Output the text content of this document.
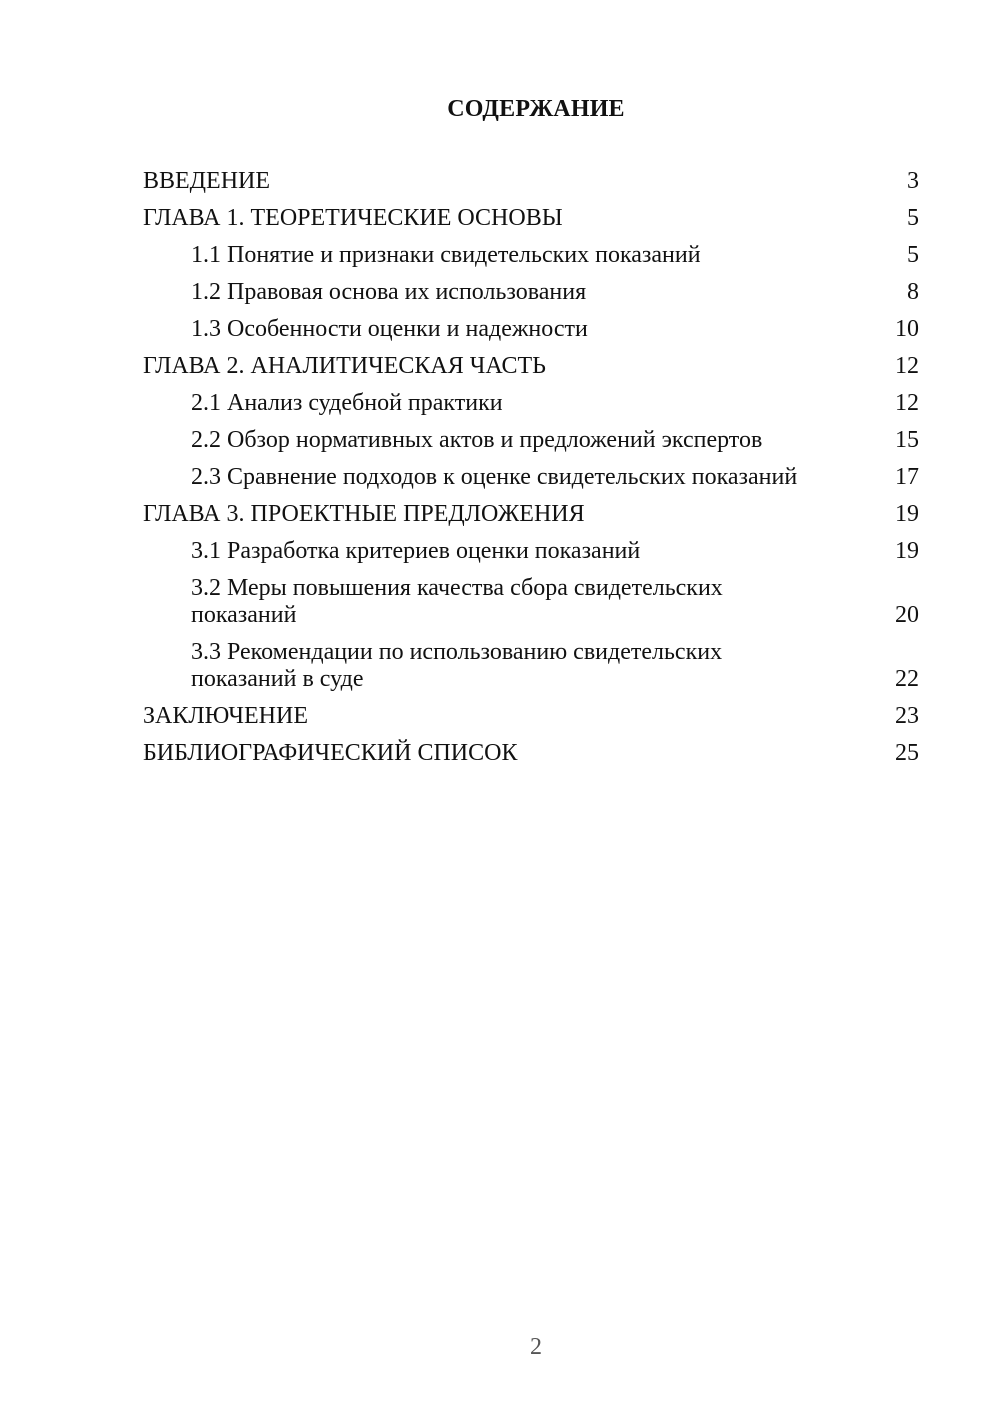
СОДЕРЖАНИЕ
ВВЕДЕНИЕ	3
ГЛАВА 1. ТЕОРЕТИЧЕСКИЕ ОСНОВЫ	5
1.1 Понятие и признаки свидетельских показаний	5
1.2 Правовая основа их использования	8
1.3 Особенности оценки и надежности	10
ГЛАВА 2. АНАЛИТИЧЕСКАЯ ЧАСТЬ	12
2.1 Анализ судебной практики	12
2.2 Обзор нормативных актов и предложений экспертов	15
2.3 Сравнение подходов к оценке свидетельских показаний	17
ГЛАВА 3. ПРОЕКТНЫЕ ПРЕДЛОЖЕНИЯ	19
3.1 Разработка критериев оценки показаний	19
3.2 Меры повышения качества сбора свидетельских показаний	20
3.3 Рекомендации по использованию свидетельских показаний в суде	22
ЗАКЛЮЧЕНИЕ	23
БИБЛИОГРАФИЧЕСКИЙ СПИСОК	25
2
